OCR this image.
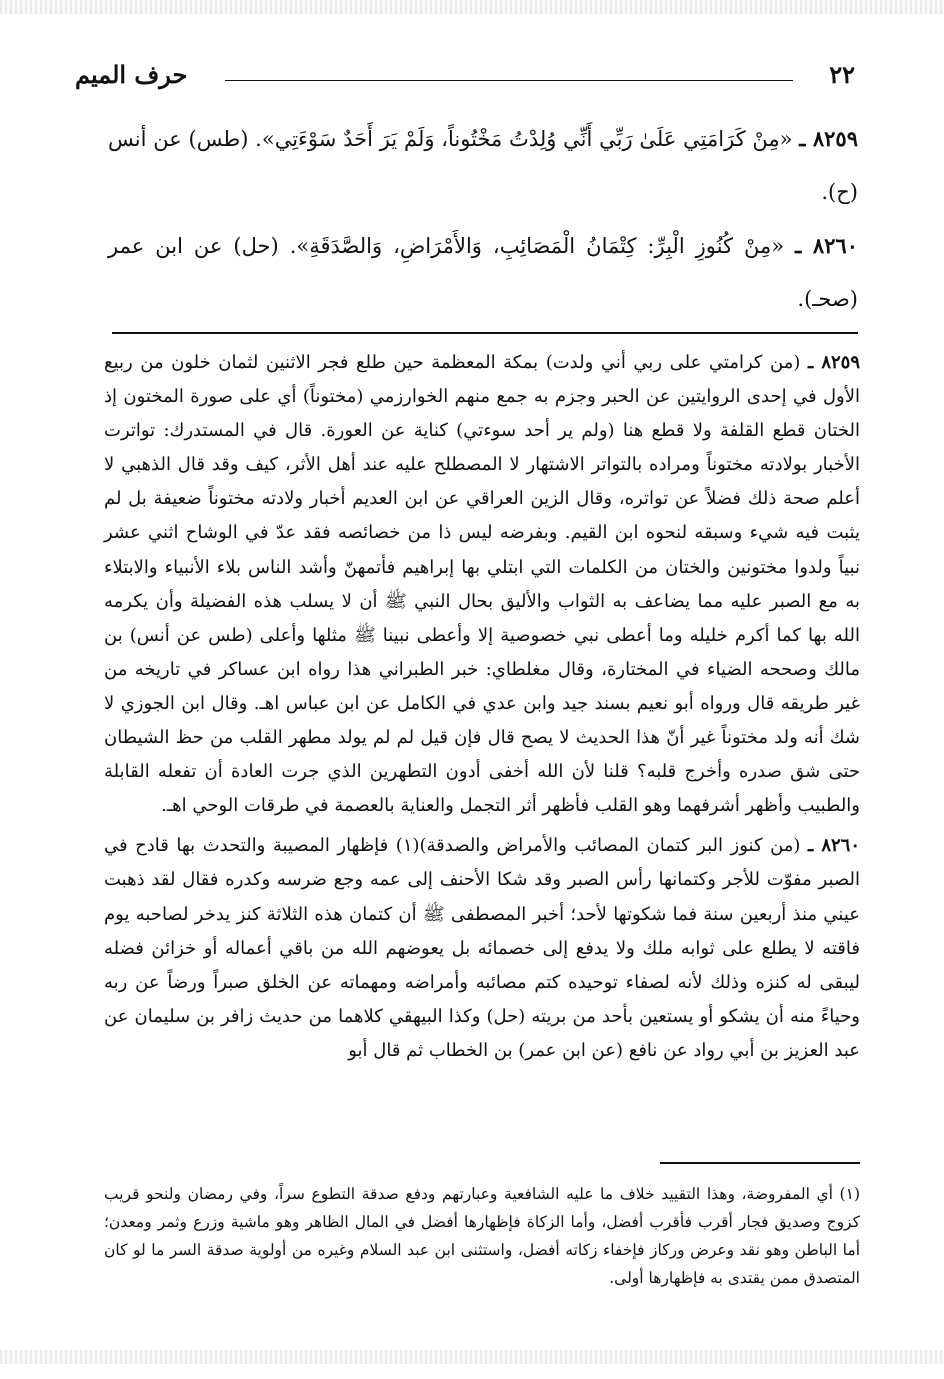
٢٢
حرف الميم

٨٢٥٩ ـ «مِنْ كَرَامَتِي عَلَىٰ رَبِّي أَنِّي وُلِدْتُ مَخْتُوناً، وَلَمْ يَرَ أَحَدٌ سَوْءَتِي». (طس) عن أنس (ح).

٨٢٦٠ ـ «مِنْ كُنُوزِ الْبِرِّ: كِتْمَانُ الْمَصَائِبِ، وَالأَمْرَاضِ، وَالصَّدَقَةِ». (حل) عن ابن عمر (صحـ).

٨٢٥٩ ـ (من كرامتي على ربي أني ولدت) بمكة المعظمة حين طلع فجر الاثنين لثمان خلون من ربيع الأول في إحدى الروايتين عن الحبر وجزم به جمع منهم الخوارزمي (مختوناً) أي على صورة المختون إذ الختان قطع القلفة ولا قطع هنا (ولم ير أحد سوءتي) كناية عن العورة. قال في المستدرك: تواترت الأخبار بولادته مختوناً ومراده بالتواتر الاشتهار لا المصطلح عليه عند أهل الأثر، كيف وقد قال الذهبي لا أعلم صحة ذلك فضلاً عن تواتره، وقال الزين العراقي عن ابن العديم أخبار ولادته مختوناً ضعيفة بل لم يثبت فيه شيء وسبقه لنحوه ابن القيم. وبفرضه ليس ذا من خصائصه فقد عدّ في الوشاح اثني عشر نبياً ولدوا مختونين والختان من الكلمات التي ابتلي بها إبراهيم فأتمهنّ وأشد الناس بلاء الأنبياء والابتلاء به مع الصبر عليه مما يضاعف به الثواب والأليق بحال النبي ﷺ أن لا يسلب هذه الفضيلة وأن يكرمه الله بها كما أكرم خليله وما أعطى نبي خصوصية إلا وأعطى نبينا ﷺ مثلها وأعلى (طس عن أنس) بن مالك وصححه الضياء في المختارة، وقال مغلطاي: خبر الطبراني هذا رواه ابن عساكر في تاريخه من غير طريقه قال ورواه أبو نعيم بسند جيد وابن عدي في الكامل عن ابن عباس اهـ. وقال ابن الجوزي لا شك أنه ولد مختوناً غير أنّ هذا الحديث لا يصح قال فإن قيل لم لم يولد مطهر القلب من حظ الشيطان حتى شق صدره وأخرج قلبه؟ قلنا لأن الله أخفى أدون التطهرين الذي جرت العادة أن تفعله القابلة والطبيب وأظهر أشرفهما وهو القلب فأظهر أثر التجمل والعناية بالعصمة في طرقات الوحي اهـ.

٨٢٦٠ ـ (من كنوز البر كتمان المصائب والأمراض والصدقة)(١) فإظهار المصيبة والتحدث بها قادح في الصبر مفوّت للأجر وكتمانها رأس الصبر وقد شكا الأحنف إلى عمه وجع ضرسه وكدره فقال لقد ذهبت عيني منذ أربعين سنة فما شكوتها لأحد؛ أخبر المصطفى ﷺ أن كتمان هذه الثلاثة كنز يدخر لصاحبه يوم فاقته لا يطلع على ثوابه ملك ولا يدفع إلى خصمائه بل يعوضهم الله من باقي أعماله أو خزائن فضله ليبقى له كنزه وذلك لأنه لصفاء توحيده كتم مصائبه وأمراضه ومهماته عن الخلق صبراً ورضاً عن ربه وحياءً منه أن يشكو أو يستعين بأحد من بريته (حل) وكذا البيهقي كلاهما من حديث زافر بن سليمان عن عبد العزيز بن أبي رواد عن نافع (عن ابن عمر) بن الخطاب ثم قال أبو

(١) أي المفروضة، وهذا التقييد خلاف ما عليه الشافعية وعبارتهم ودفع صدقة التطوع سراً، وفي رمضان ولنحو قريب كزوج وصديق فجار أقرب فأقرب أفضل، وأما الزكاة فإظهارها أفضل في المال الظاهر وهو ماشية وزرع وثمر ومعدن؛ أما الباطن وهو نقد وعرض وركاز فإخفاء زكاته أفضل، واستثنى ابن عبد السلام وغيره من أولوية صدقة السر ما لو كان المتصدق ممن يقتدى به فإظهارها أولى.
